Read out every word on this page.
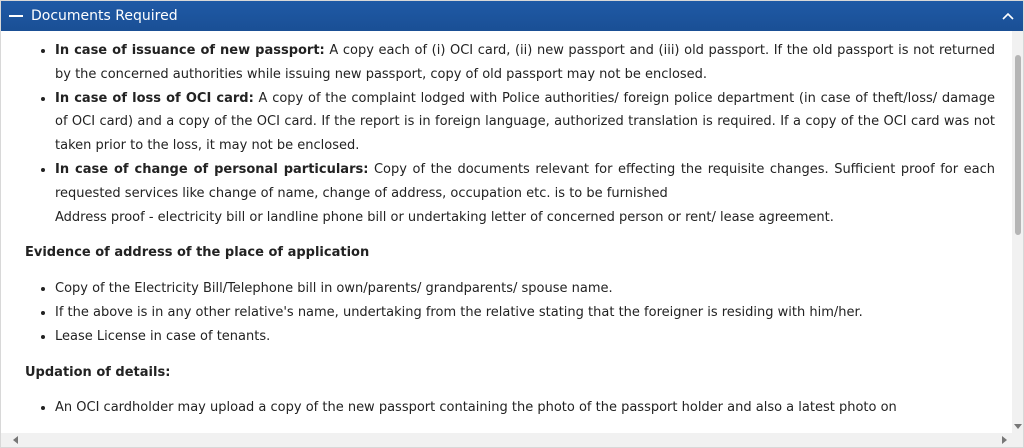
Documents Required
• In case of issuance of new passport: A copy each of (i) OCI card, (ii) new passport and (iii) old passport. If the old passport is not returned by the concerned authorities while issuing new passport, copy of old passport may not be enclosed.
• In case of loss of OCI card: A copy of the complaint lodged with Police authorities/ foreign police department (in case of theft/loss/ damage of OCI card) and a copy of the OCI card. If the report is in foreign language, authorized translation is required. If a copy of the OCI card was not taken prior to the loss, it may not be enclosed.
• In case of change of personal particulars: Copy of the documents relevant for effecting the requisite changes. Sufficient proof for each requested services like change of name, change of address, occupation etc. is to be furnished
Address proof - electricity bill or landline phone bill or undertaking letter of concerned person or rent/ lease agreement.
Evidence of address of the place of application
• Copy of the Electricity Bill/Telephone bill in own/parents/ grandparents/ spouse name.
• If the above is in any other relative's name, undertaking from the relative stating that the foreigner is residing with him/her.
• Lease License in case of tenants.
Updation of details:
• An OCI cardholder may upload a copy of the new passport containing the photo of the passport holder and also a latest photo on
